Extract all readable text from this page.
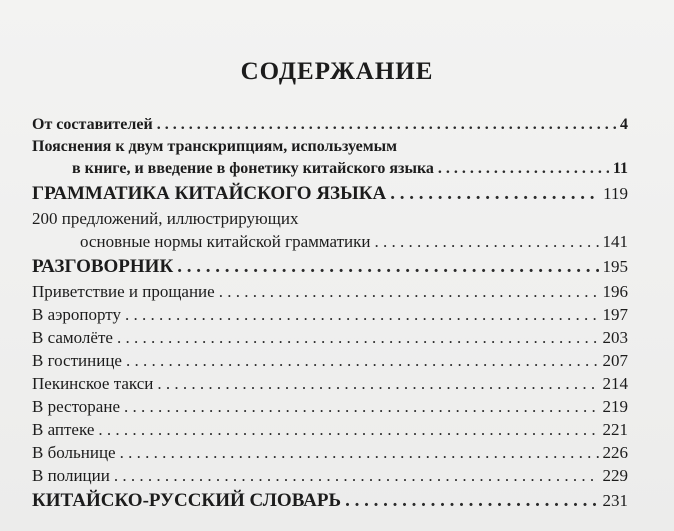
СОДЕРЖАНИЕ
От составителей . . .	4
Пояснения к двум транскрипциям, используемым
в книге, и введение в фонетику китайского языка . . .	11
ГРАММАТИКА КИТАЙСКОГО ЯЗЫКА . . .	119
200 предложений, иллюстрирующих
основные нормы китайской грамматики . . .	141
РАЗГОВОРНИК . . .	195
Приветствие и прощание . . .	196
В аэропорту . . .	197
В самолёте . . .	203
В гостинице . . .	207
Пекинское такси . . .	214
В ресторане . . .	219
В аптеке . . .	221
В больнице . . .	226
В полиции . . .	229
КИТАЙСКО-РУССКИЙ СЛОВАРЬ . . .	231
